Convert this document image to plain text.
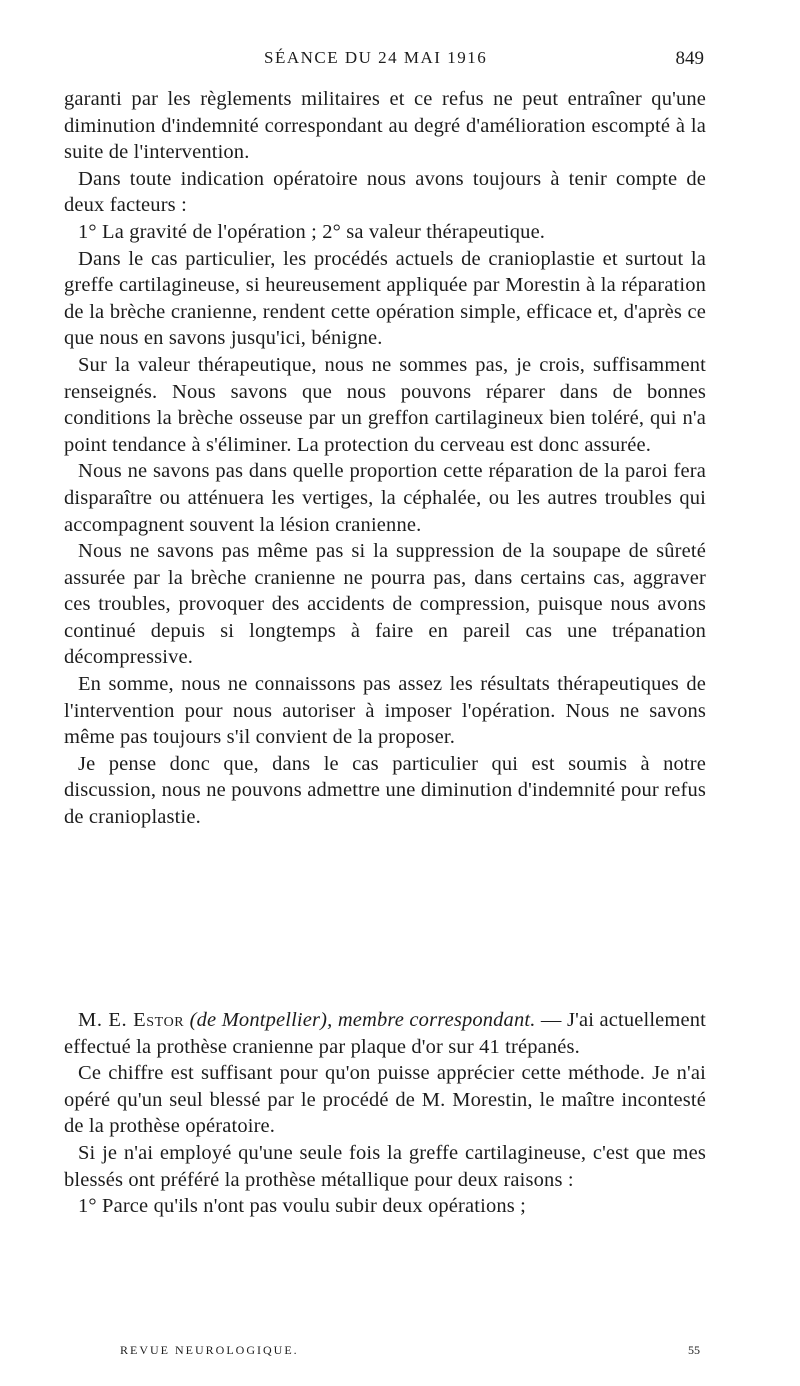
SÉANCE DU 24 MAI 1916	849

garanti par les règlements militaires et ce refus ne peut entraîner qu'une diminution d'indemnité correspondant au degré d'amélioration escompté à la suite de l'intervention.

Dans toute indication opératoire nous avons toujours à tenir compte de deux facteurs :

1° La gravité de l'opération ; 2° sa valeur thérapeutique.

Dans le cas particulier, les procédés actuels de cranioplastie et surtout la greffe cartilagineuse, si heureusement appliquée par Morestin à la réparation de la brèche cranienne, rendent cette opération simple, efficace et, d'après ce que nous en savons jusqu'ici, bénigne.

Sur la valeur thérapeutique, nous ne sommes pas, je crois, suffisamment renseignés. Nous savons que nous pouvons réparer dans de bonnes conditions la brèche osseuse par un greffon cartilagineux bien toléré, qui n'a point tendance à s'éliminer. La protection du cerveau est donc assurée.

Nous ne savons pas dans quelle proportion cette réparation de la paroi fera disparaître ou atténuera les vertiges, la céphalée, ou les autres troubles qui accompagnent souvent la lésion cranienne.

Nous ne savons pas même pas si la suppression de la soupape de sûreté assurée par la brèche cranienne ne pourra pas, dans certains cas, aggraver ces troubles, provoquer des accidents de compression, puisque nous avons continué depuis si longtemps à faire en pareil cas une trépanation décompressive.

En somme, nous ne connaissons pas assez les résultats thérapeutiques de l'intervention pour nous autoriser à imposer l'opération. Nous ne savons même pas toujours s'il convient de la proposer.

Je pense donc que, dans le cas particulier qui est soumis à notre discussion, nous ne pouvons admettre une diminution d'indemnité pour refus de cranioplastie.

M. E. Estor (de Montpellier), membre correspondant. — J'ai actuellement effectué la prothèse cranienne par plaque d'or sur 41 trépanés.

Ce chiffre est suffisant pour qu'on puisse apprécier cette méthode. Je n'ai opéré qu'un seul blessé par le procédé de M. Morestin, le maître incontesté de la prothèse opératoire.

Si je n'ai employé qu'une seule fois la greffe cartilagineuse, c'est que mes blessés ont préféré la prothèse métallique pour deux raisons :

1° Parce qu'ils n'ont pas voulu subir deux opérations ;

REVUE NEUROLOGIQUE.	55
